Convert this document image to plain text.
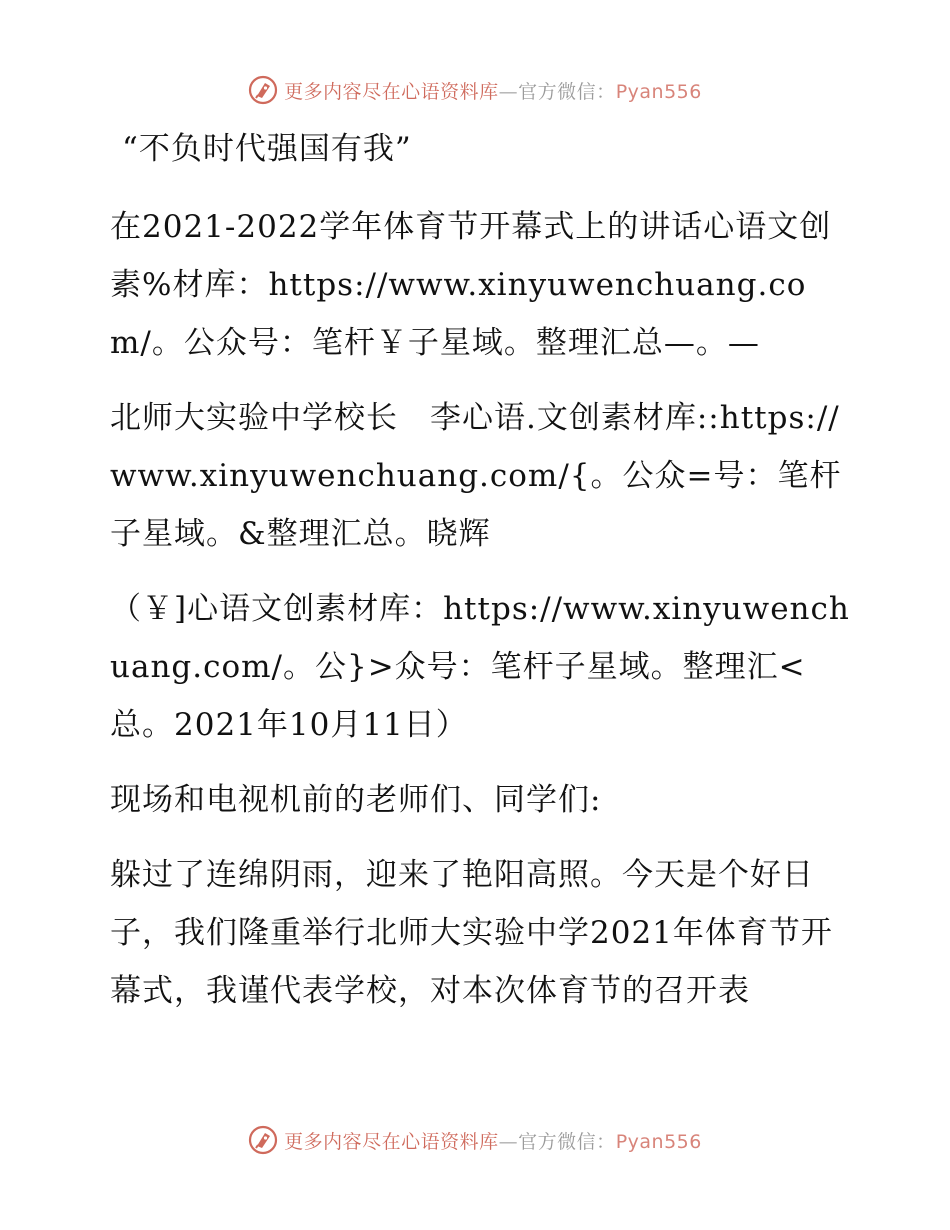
更多内容尽在心语资料库—官方微信：Pyan556

“不负时代强国有我”

在2021-2022学年体育节开幕式上的讲话心语文创素%材库：https://www.xinyuwenchuang.com/。公众号：笔杆￥子星域。整理汇总—。—

北师大实验中学校长　李心语.文创素材库::https://www.xinyuwenchuang.com/{。公众=号：笔杆子星域。&整理汇总。晓辉

（￥]心语文创素材库：https://www.xinyuwenchuang.com/。公}>众号：笔杆子星域。整理汇<总。2021年10月11日）

现场和电视机前的老师们、同学们:

躲过了连绵阴雨，迎来了艳阳高照。今天是个好日子，我们隆重举行北师大实验中学2021年体育节开幕式，我谨代表学校，对本次体育节的召开表

更多内容尽在心语资料库—官方微信：Pyan556
